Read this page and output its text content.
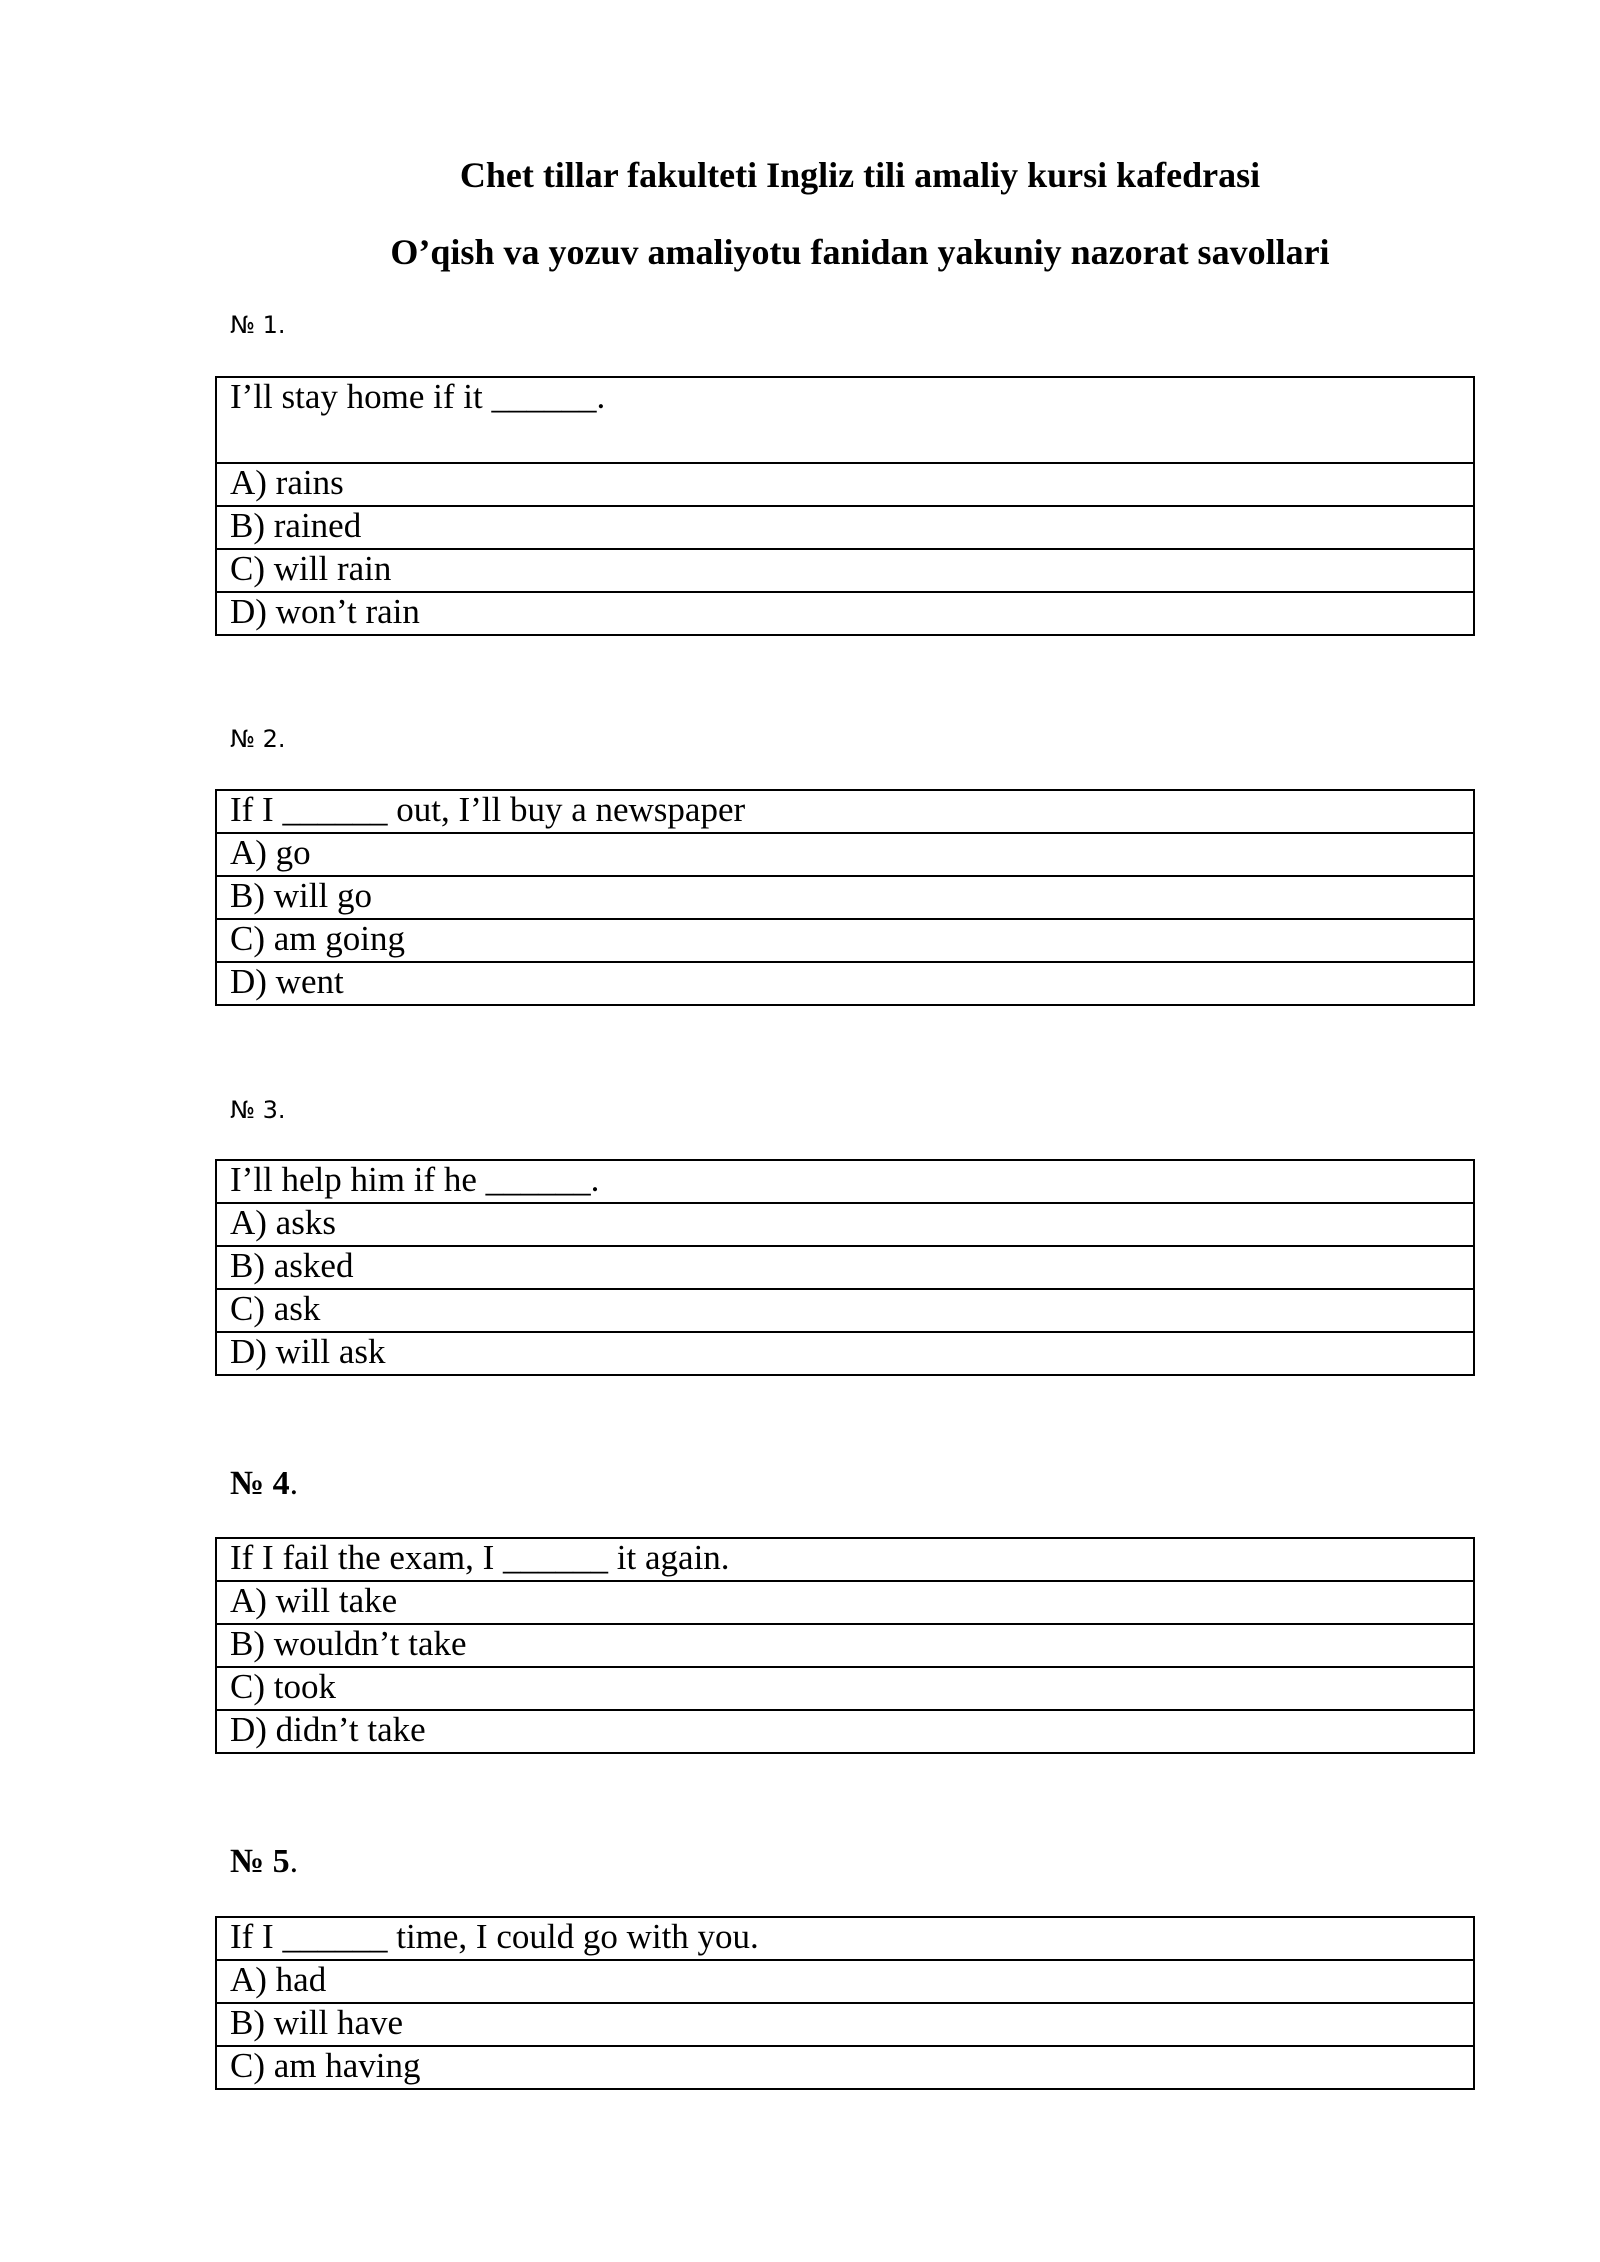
Chet tillar fakulteti Ingliz tili amaliy kursi kafedrasi
O’qish va yozuv amaliyotu fanidan yakuniy nazorat savollari
№ 1.
I’ll stay home if it ______.
A) rains
B) rained
C) will rain
D) won’t rain
№ 2.
If I ______ out, I’ll buy a newspaper
A) go
B) will go
C) am going
D) went
№ 3.
I’ll help him if he ______.
A) asks
B) asked
C) ask
D) will ask
№ 4.
If I fail the exam, I ______ it again.
A) will take
B) wouldn’t take
C) took
D) didn’t take
№ 5.
If I ______ time, I could go with you.
A) had
B) will have
C) am having
